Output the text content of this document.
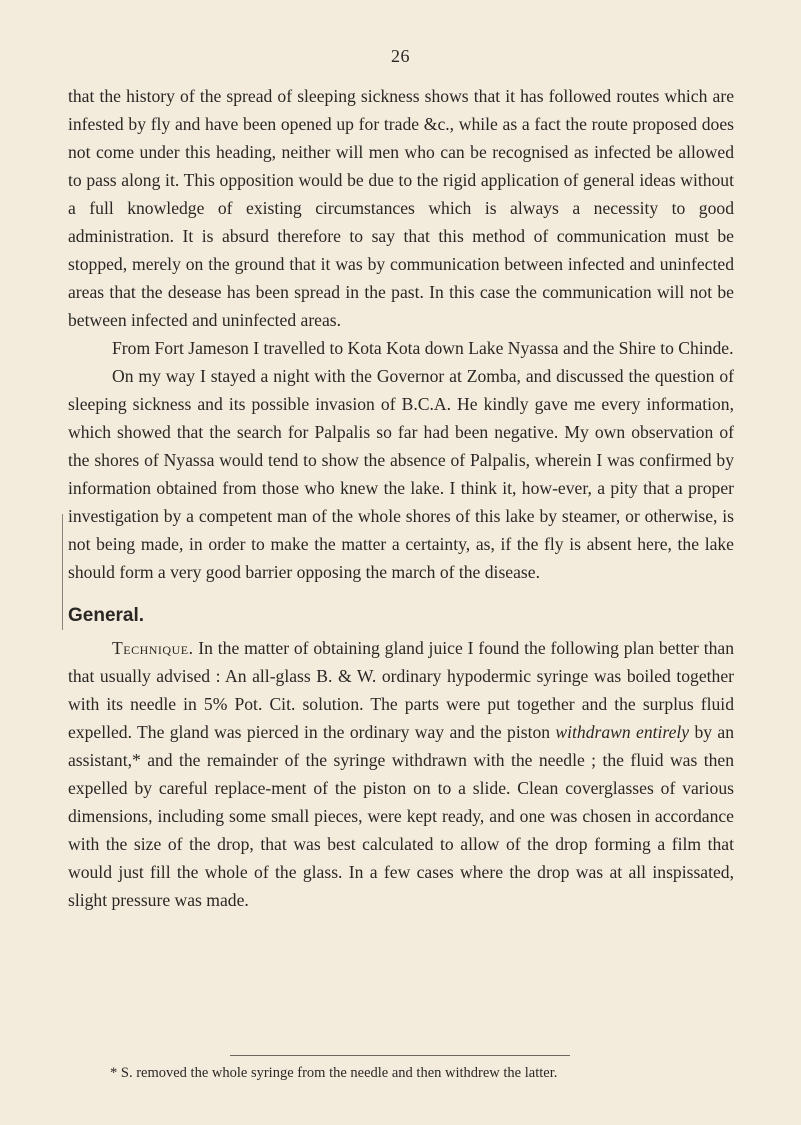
26

that the history of the spread of sleeping sickness shows that it has followed routes which are infested by fly and have been opened up for trade &c., while as a fact the route proposed does not come under this heading, neither will men who can be recognised as infected be allowed to pass along it. This opposition would be due to the rigid application of general ideas without a full knowledge of existing circumstances which is always a necessity to good administration. It is absurd therefore to say that this method of communication must be stopped, merely on the ground that it was by communication between infected and uninfected areas that the desease has been spread in the past. In this case the communication will not be between infected and uninfected areas.

From Fort Jameson I travelled to Kota Kota down Lake Nyassa and the Shire to Chinde.

On my way I stayed a night with the Governor at Zomba, and discussed the question of sleeping sickness and its possible invasion of B.C.A. He kindly gave me every information, which showed that the search for Palpalis so far had been negative. My own observation of the shores of Nyassa would tend to show the absence of Palpalis, wherein I was confirmed by information obtained from those who knew the lake. I think it, how-ever, a pity that a proper investigation by a competent man of the whole shores of this lake by steamer, or otherwise, is not being made, in order to make the matter a certainty, as, if the fly is absent here, the lake should form a very good barrier opposing the march of the disease.

General.

Technique. In the matter of obtaining gland juice I found the following plan better than that usually advised : An all-glass B. & W. ordinary hypodermic syringe was boiled together with its needle in 5% Pot. Cit. solution. The parts were put together and the surplus fluid expelled. The gland was pierced in the ordinary way and the piston withdrawn entirely by an assistant,* and the remainder of the syringe withdrawn with the needle ; the fluid was then expelled by careful replace-ment of the piston on to a slide. Clean coverglasses of various dimensions, including some small pieces, were kept ready, and one was chosen in accordance with the size of the drop, that was best calculated to allow of the drop forming a film that would just fill the whole of the glass. In a few cases where the drop was at all inspissated, slight pressure was made.

* S. removed the whole syringe from the needle and then withdrew the latter.
